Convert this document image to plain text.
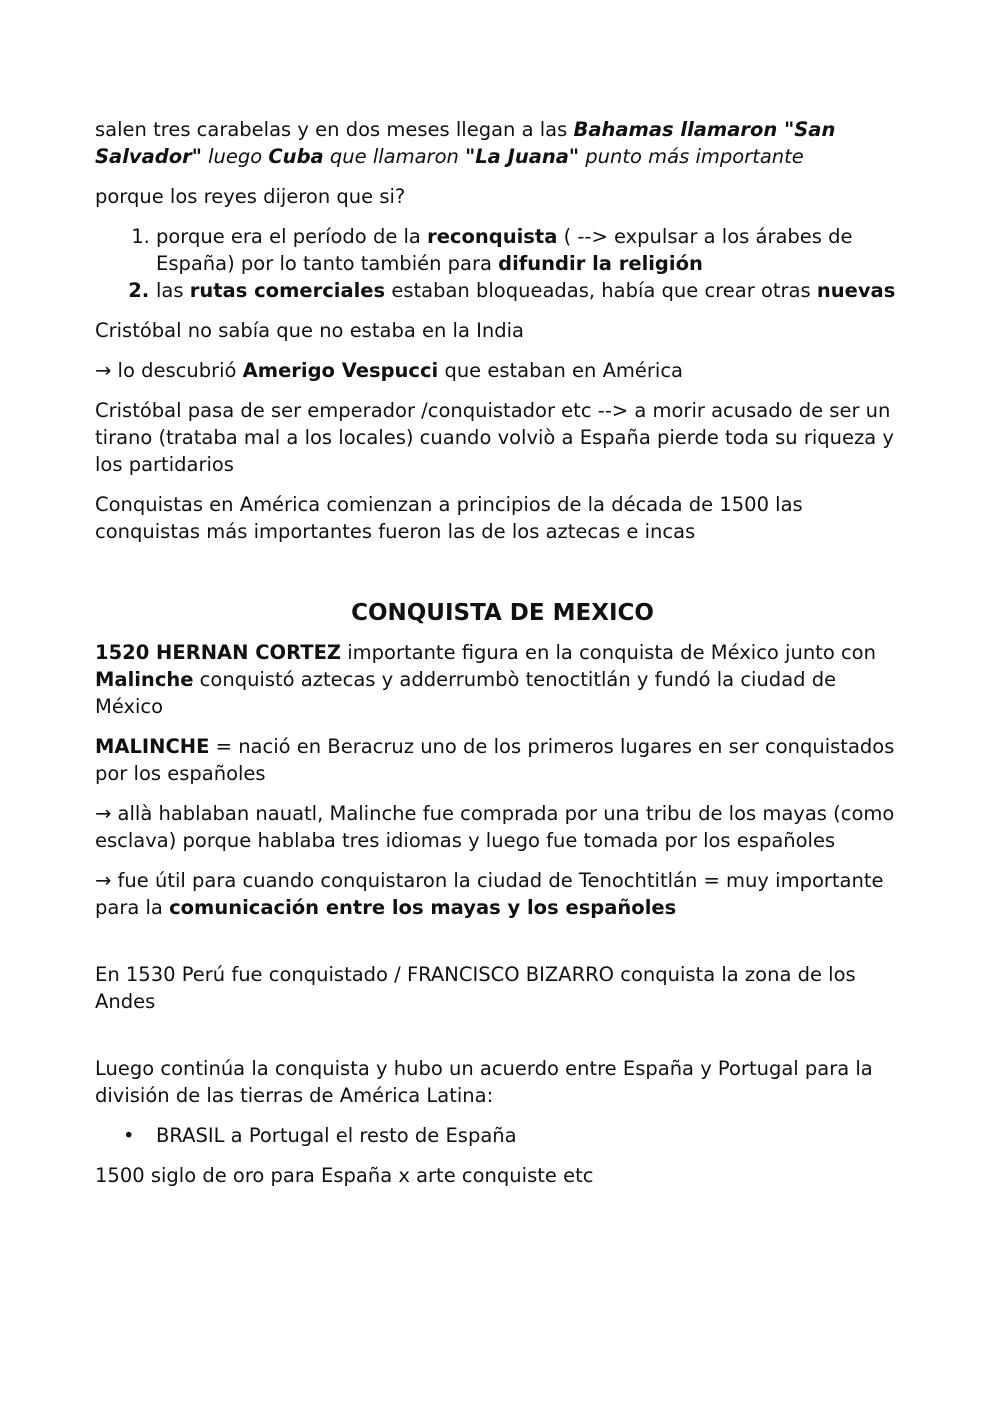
salen tres carabelas y en dos meses llegan a las Bahamas llamaron "San Salvador" luego Cuba que llamaron "La Juana" punto más importante

porque los reyes dijeron que si?

1. porque era el período de la reconquista ( --> expulsar a los árabes de España) por lo tanto también para difundir la religión
2. las rutas comerciales estaban bloqueadas, había que crear otras nuevas

Cristóbal no sabía que no estaba en la India

→ lo descubrió Amerigo Vespucci que estaban en América

Cristóbal pasa de ser emperador /conquistador etc --> a morir acusado de ser un tirano (trataba mal a los locales) cuando volviò a España pierde toda su riqueza y los partidarios

Conquistas en América comienzan a principios de la década de 1500 las conquistas más importantes fueron las de los aztecas e incas

CONQUISTA DE MEXICO

1520 HERNAN CORTEZ importante figura en la conquista de México junto con Malinche conquistó aztecas y adderrumbò tenoctitlán y fundó la ciudad de México

MALINCHE = nació en Beracruz uno de los primeros lugares en ser conquistados por los españoles

→ allà hablaban nauatl, Malinche fue comprada por una tribu de los mayas (como esclava) porque hablaba tres idiomas y luego fue tomada por los españoles

→ fue útil para cuando conquistaron la ciudad de Tenochtitlán = muy importante para la comunicación entre los mayas y los españoles

En 1530 Perú fue conquistado / FRANCISCO BIZARRO conquista la zona de los Andes

Luego continúa la conquista y hubo un acuerdo entre España y Portugal para la división de las tierras de América Latina:

• BRASIL a Portugal el resto de España

1500 siglo de oro para España x arte conquiste etc
